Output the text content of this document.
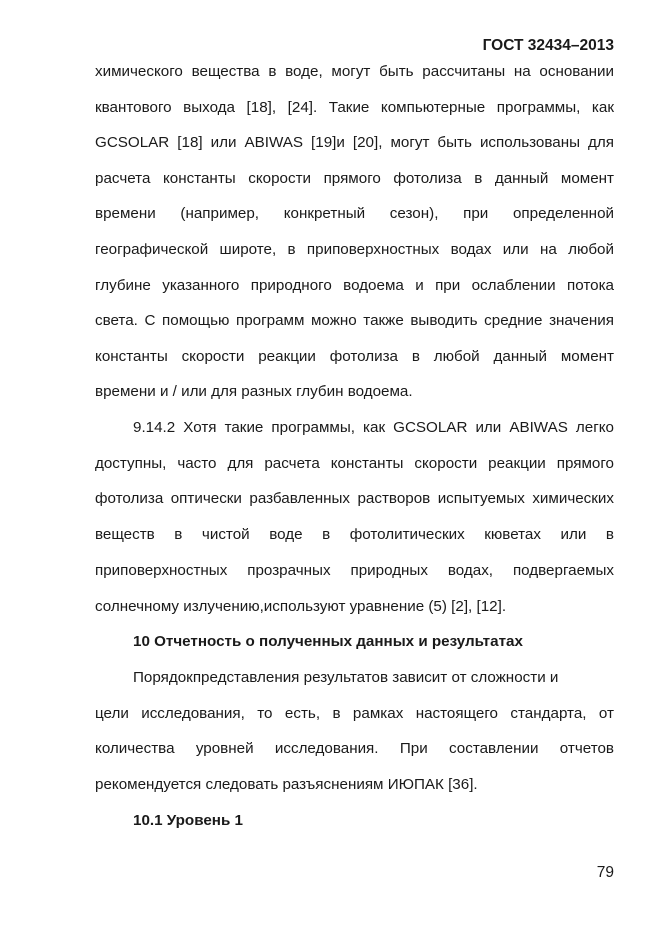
ГОСТ 32434–2013
химического вещества в воде, могут быть рассчитаны на основании
квантового выхода [18], [24]. Такие компьютерные программы, как
GCSOLAR [18] или ABIWAS [19]и [20], могут быть использованы для
расчета константы скорости прямого фотолиза в данный момент
времени (например, конкретный сезон), при определенной
географической широте, в приповерхностных водах или на любой
глубине указанного природного водоема и при ослаблении потока
света. С помощью программ можно также выводить средние значения
константы скорости реакции фотолиза в любой данный момент
времени и / или для разных глубин водоема.
9.14.2 Хотя такие программы, как GCSOLAR или ABIWAS легко
доступны, часто для расчета константы скорости реакции прямого
фотолиза оптически разбавленных растворов испытуемых химических
веществ в чистой воде в фотолитических кюветах или в
приповерхностных прозрачных природных водах, подвергаемых
солнечному излучению,используют уравнение (5) [2], [12].
10 Отчетность о полученных данных и результатах
Порядокпредставления результатов зависит от сложности и
цели исследования, то есть, в рамках настоящего стандарта, от
количества уровней исследования. При составлении отчетов
рекомендуется следовать разъяснениям ИЮПАК [36].
10.1 Уровень 1
79
